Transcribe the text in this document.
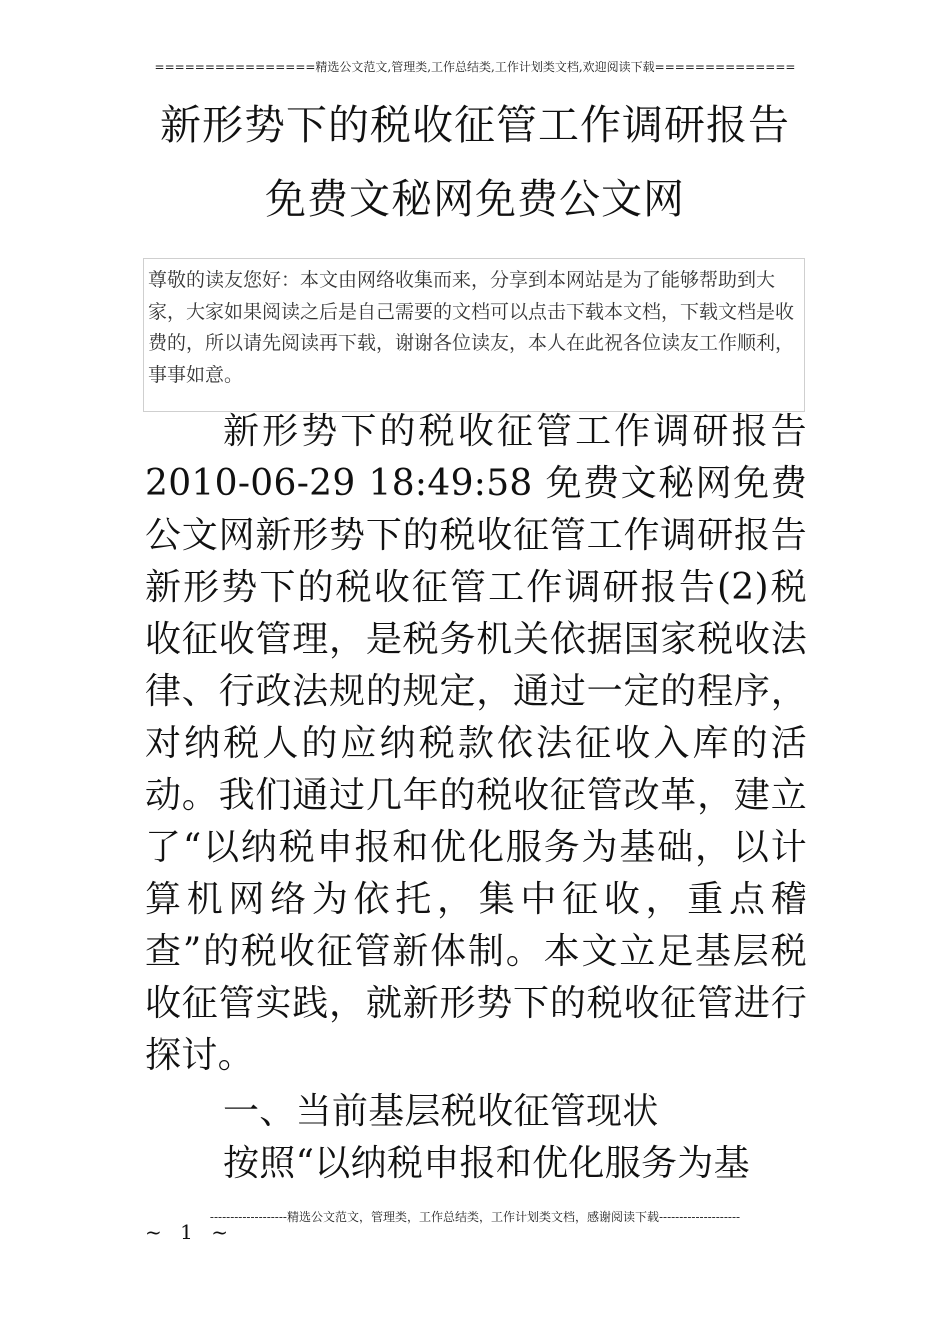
================精选公文范文,管理类,工作总结类,工作计划类文档,欢迎阅读下载==============
新形势下的税收征管工作调研报告
免费文秘网免费公文网
尊敬的读友您好：本文由网络收集而来，分享到本网站是为了能够帮助到大家，大家如果阅读之后是自己需要的文档可以点击下载本文档，下载文档是收费的，所以请先阅读再下载，谢谢各位读友，本人在此祝各位读友工作顺利，事事如意。

新形势下的税收征管工作调研报告 2010-06-29 18:49:58 免费文秘网免费公文网新形势下的税收征管工作调研报告新形势下的税收征管工作调研报告(2)税收征收管理，是税务机关依据国家税收法律、行政法规的规定，通过一定的程序，对纳税人的应纳税款依法征收入库的活动。我们通过几年的税收征管改革，建立了“以纳税申报和优化服务为基础，以计算机网络为依托，集中征收，重点稽查”的税收征管新体制。本文立足基层税收征管实践，就新形势下的税收征管进行探讨。

一、当前基层税收征管现状

按照“以纳税申报和优化服务为基

-------------------精选公文范文，管理类，工作总结类，工作计划类文档，感谢阅读下载--------------------
~ 1 ~
